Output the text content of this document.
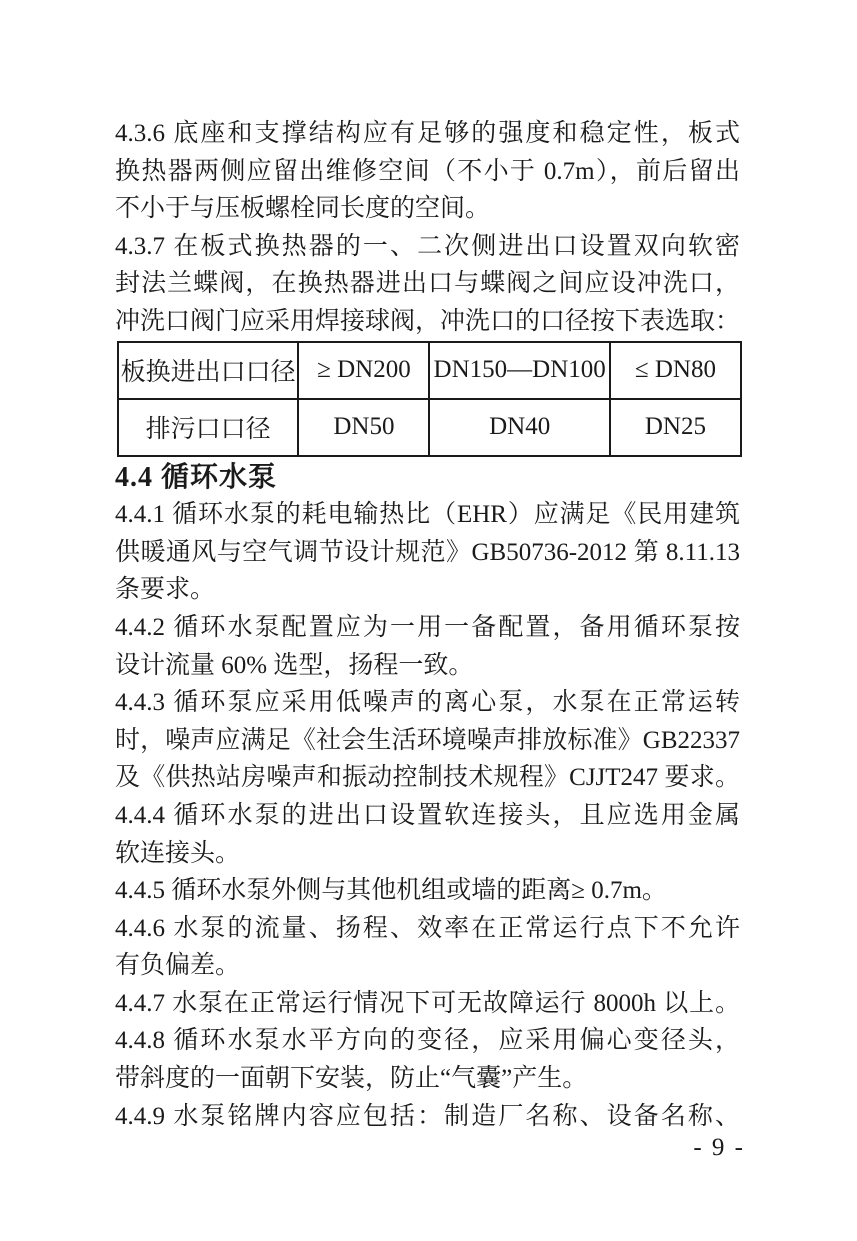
4.3.6 底座和支撑结构应有足够的强度和稳定性，板式
换热器两侧应留出维修空间（不小于 0.7m），前后留出
不小于与压板螺栓同长度的空间。
4.3.7 在板式换热器的一、二次侧进出口设置双向软密
封法兰蝶阀，在换热器进出口与蝶阀之间应设冲洗口，
冲洗口阀门应采用焊接球阀，冲洗口的口径按下表选取：
板换进出口口径	≥ DN200	DN150—DN100	≤ DN80
排污口口径	DN50	DN40	DN25
4.4 循环水泵
4.4.1 循环水泵的耗电输热比（EHR）应满足《民用建筑
供暖通风与空气调节设计规范》GB50736-2012 第 8.11.13
条要求。
4.4.2 循环水泵配置应为一用一备配置，备用循环泵按
设计流量 60% 选型，扬程一致。
4.4.3 循环泵应采用低噪声的离心泵，水泵在正常运转
时，噪声应满足《社会生活环境噪声排放标准》GB22337
及《供热站房噪声和振动控制技术规程》CJJT247 要求。
4.4.4 循环水泵的进出口设置软连接头，且应选用金属
软连接头。
4.4.5 循环水泵外侧与其他机组或墙的距离≥ 0.7m。
4.4.6 水泵的流量、扬程、效率在正常运行点下不允许
有负偏差。
4.4.7 水泵在正常运行情况下可无故障运行 8000h 以上。
4.4.8 循环水泵水平方向的变径，应采用偏心变径头，
带斜度的一面朝下安装，防止“气囊”产生。
4.4.9 水泵铭牌内容应包括：制造厂名称、设备名称、
- 9 -
